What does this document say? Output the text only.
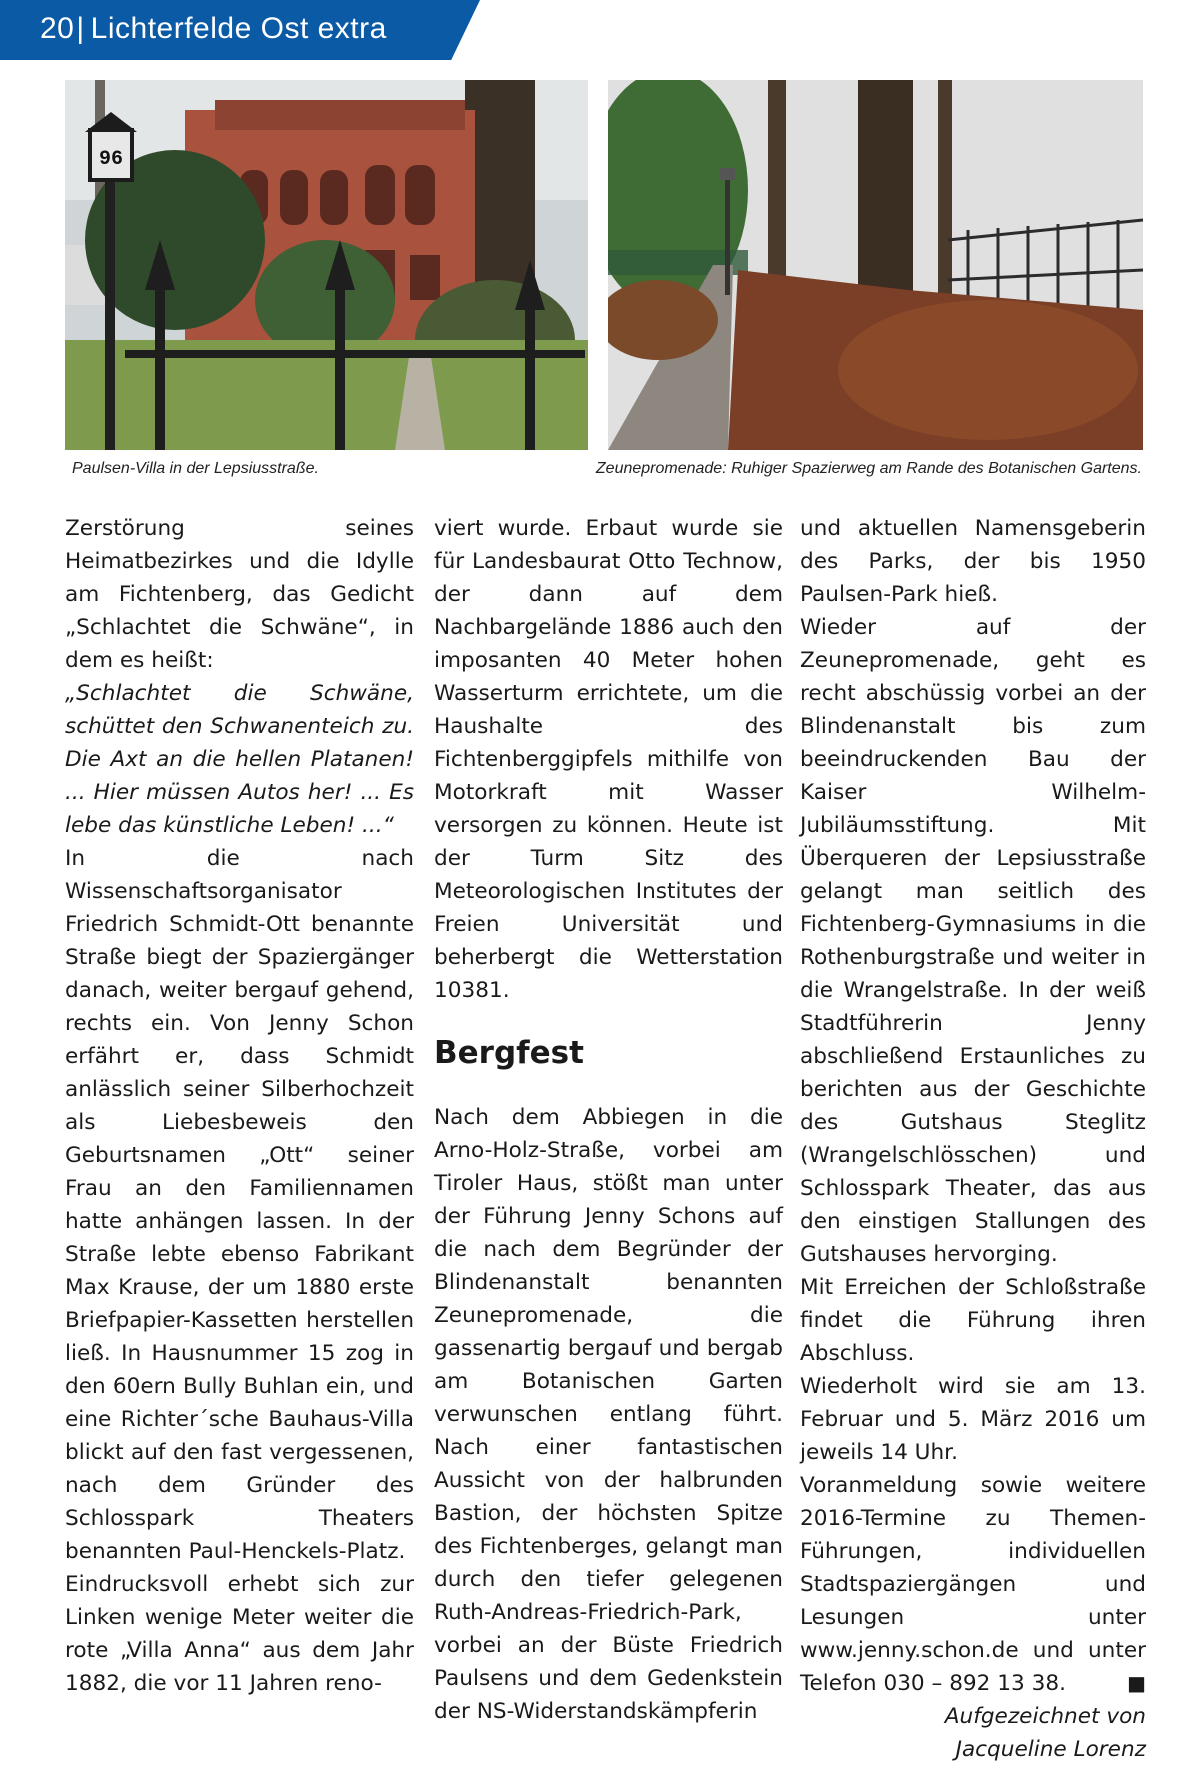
20| Lichterfelde Ost extra
96
Paulsen-Villa in der Lepsiusstraße.	Zeunepromenade: Ruhiger Spazierweg am Rande des Botanischen Gartens.

Zerstörung seines Heimatbezirkes und die Idylle am Fichtenberg, das Gedicht „Schlachtet die Schwäne“, in dem es heißt:

„Schlachtet die Schwäne, schüttet den Schwanenteich zu. Die Axt an die hellen Platanen! ... Hier müssen Autos her! ... Es lebe das künstliche Leben! ...“

In die nach Wissenschaftsorganisator Friedrich Schmidt-Ott benannte Straße biegt der Spaziergänger danach, weiter bergauf gehend, rechts ein. Von Jenny Schon erfährt er, dass Schmidt anlässlich seiner Silberhochzeit als Liebesbeweis den Geburtsnamen „Ott“ seiner Frau an den Familiennamen hatte anhängen lassen. In der Straße lebte ebenso Fabrikant Max Krause, der um 1880 erste Briefpapier-Kassetten herstellen ließ. In Hausnummer 15 zog in den 60ern Bully Buhlan ein, und eine Richter´sche Bauhaus-Villa blickt auf den fast vergessenen, nach dem Gründer des Schlosspark Theaters benannten Paul-Henckels-Platz.

Eindrucksvoll erhebt sich zur Linken wenige Meter weiter die rote „Villa Anna“ aus dem Jahr 1882, die vor 11 Jahren reno-

viert wurde. Erbaut wurde sie für Landesbaurat Otto Technow, der dann auf dem Nachbargelände 1886 auch den imposanten 40 Meter hohen Wasserturm errichtete, um die Haushalte des Fichtenberggipfels mithilfe von Motorkraft mit Wasser versorgen zu können. Heute ist der Turm Sitz des Meteorologischen Institutes der Freien Universität und beherbergt die Wetterstation 10381.

Bergfest

Nach dem Abbiegen in die Arno-Holz-Straße, vorbei am Tiroler Haus, stößt man unter der Führung Jenny Schons auf die nach dem Begründer der Blindenanstalt benannten Zeunepromenade, die gassenartig bergauf und bergab am Botanischen Garten verwunschen entlang führt. Nach einer fantastischen Aussicht von der halbrunden Bastion, der höchsten Spitze des Fichtenberges, gelangt man durch den tiefer gelegenen Ruth-Andreas-Friedrich-Park, vorbei an der Büste Friedrich Paulsens und dem Gedenkstein der NS-Widerstandskämpferin

und aktuellen Namensgeberin des Parks, der bis 1950 Paulsen-Park hieß.

Wieder auf der Zeunepromenade, geht es recht abschüssig vorbei an der Blindenanstalt bis zum beeindruckenden Bau der Kaiser Wilhelm-Jubiläumsstiftung. Mit Überqueren der Lepsiusstraße gelangt man seitlich des Fichtenberg-Gymnasiums in die Rothenburgstraße und weiter in die Wrangelstraße. In der weiß Stadtführerin Jenny abschließend Erstaunliches zu berichten aus der Geschichte des Gutshaus Steglitz (Wrangelschlösschen) und Schlosspark Theater, das aus den einstigen Stallungen des Gutshauses hervorging.

Mit Erreichen der Schloßstraße findet die Führung ihren Abschluss.

Wiederholt wird sie am 13. Februar und 5. März 2016 um jeweils 14 Uhr.

Voranmeldung sowie weitere 2016-Termine zu Themen-Führungen, individuellen Stadtspaziergängen und Lesungen unter www.jenny.schon.de und unter Telefon 030 – 892 13 38.	■

Aufgezeichnet von

Jacqueline Lorenz
